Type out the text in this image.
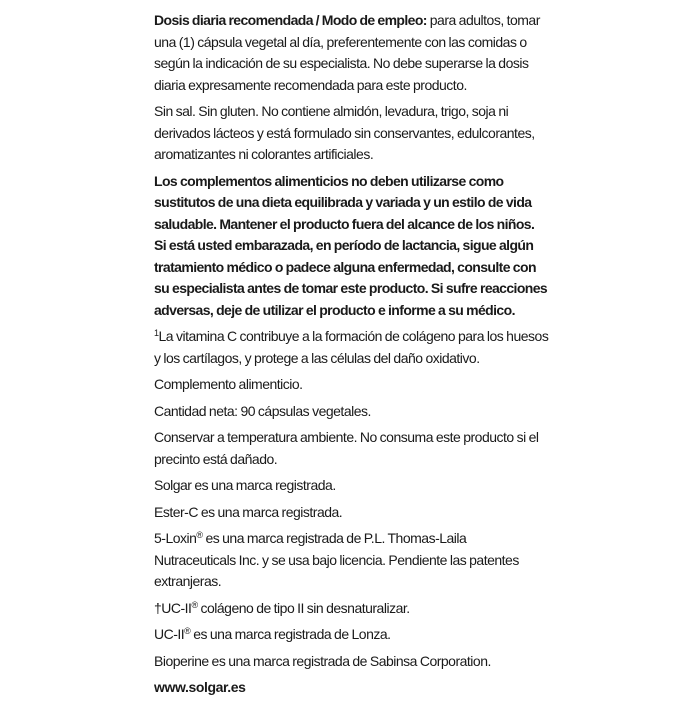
Dosis diaria recomendada / Modo de empleo: para adultos, tomar una (1) cápsula vegetal al día, preferentemente con las comidas o según la indicación de su especialista. No debe superarse la dosis diaria expresamente recomendada para este producto.

Sin sal. Sin gluten. No contiene almidón, levadura, trigo, soja ni derivados lácteos y está formulado sin conservantes, edulcorantes, aromatizantes ni colorantes artificiales.

Los complementos alimenticios no deben utilizarse como sustitutos de una dieta equilibrada y variada y un estilo de vida saludable. Mantener el producto fuera del alcance de los niños. Si está usted embarazada, en período de lactancia, sigue algún tratamiento médico o padece alguna enfermedad, consulte con su especialista antes de tomar este producto. Si sufre reacciones adversas, deje de utilizar el producto e informe a su médico.

$^1$La vitamina C contribuye a la formación de colágeno para los huesos y los cartílagos, y protege a las células del daño oxidativo.

Complemento alimenticio.

Cantidad neta: 90 cápsulas vegetales.

Conservar a temperatura ambiente. No consuma este producto si el precinto está dañado.

Solgar es una marca registrada.

Ester-C es una marca registrada.

5-Loxin® es una marca registrada de P.L. Thomas-Laila Nutraceuticals Inc. y se usa bajo licencia. Pendiente las patentes extranjeras.

†UC-II® colágeno de tipo II sin desnaturalizar.

UC-II® es una marca registrada de Lonza.

Bioperine es una marca registrada de Sabinsa Corporation.

www.solgar.es
